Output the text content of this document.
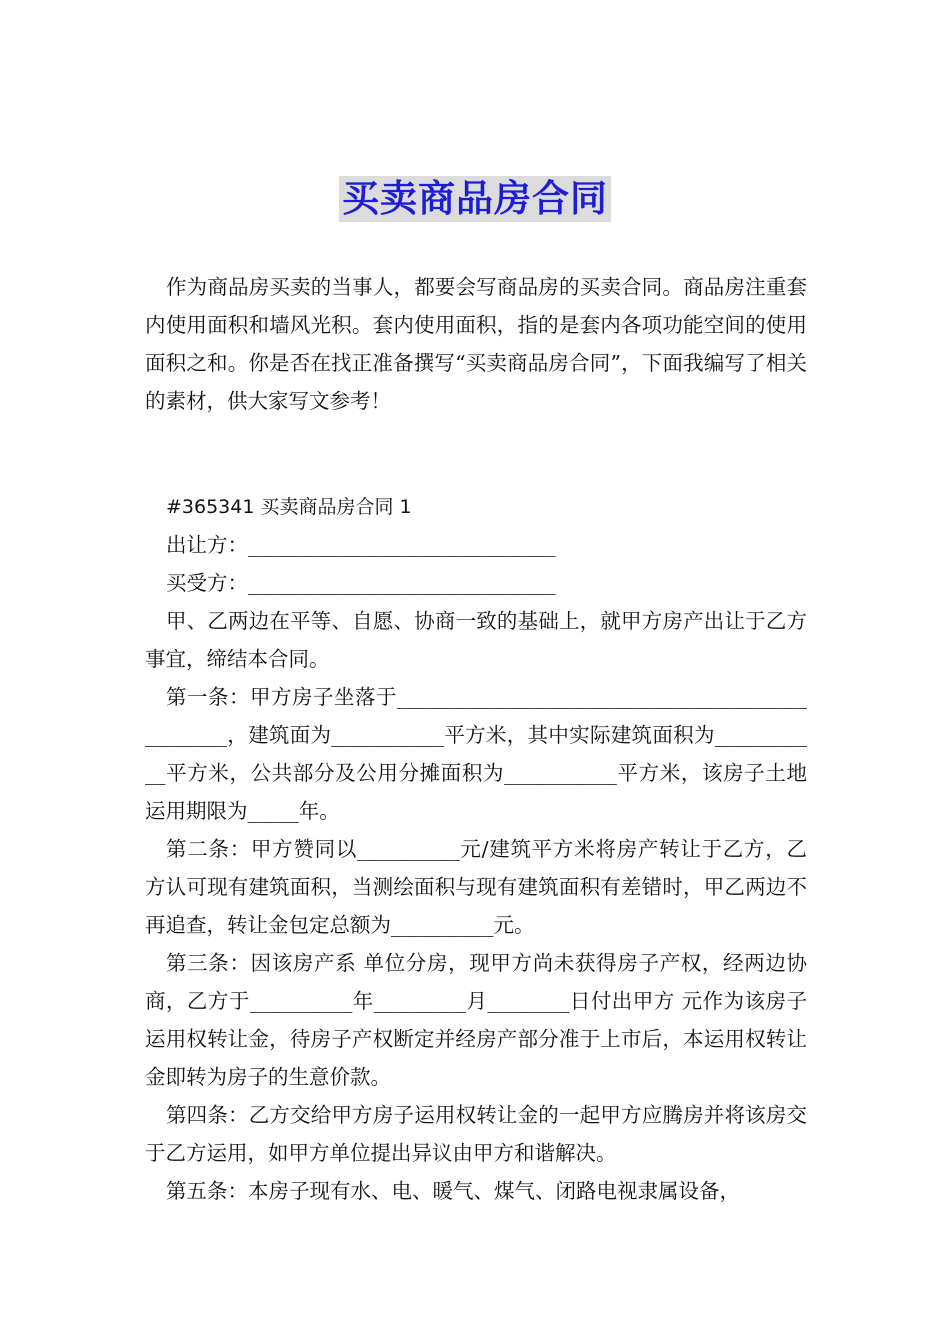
买卖商品房合同

作为商品房买卖的当事人，都要会写商品房的买卖合同。商品房注重套内使用面积和墙风光积。套内使用面积，指的是套内各项功能空间的使用面积之和。你是否在找正准备撰写“买卖商品房合同”，下面我编写了相关的素材，供大家写文参考！

#365341 买卖商品房合同 1

出让方：______________________________

买受方：______________________________

甲、乙两边在平等、自愿、协商一致的基础上，就甲方房产出让于乙方事宜，缔结本合同。

第一条：甲方房子坐落于________________________________________________，建筑面为___________平方米，其中实际建筑面积为___________平方米，公共部分及公用分摊面积为___________平方米，该房子土地运用期限为_____年。

第二条：甲方赞同以__________元/建筑平方米将房产转让于乙方，乙方认可现有建筑面积，当测绘面积与现有建筑面积有差错时，甲乙两边不再追查，转让金包定总额为__________元。

第三条：因该房产系 单位分房，现甲方尚未获得房子产权，经两边协商，乙方于__________年_________月________日付出甲方 元作为该房子运用权转让金，待房子产权断定并经房产部分准于上市后，本运用权转让金即转为房子的生意价款。

第四条：乙方交给甲方房子运用权转让金的一起甲方应腾房并将该房交于乙方运用，如甲方单位提出异议由甲方和谐解决。

第五条：本房子现有水、电、暖气、煤气、闭路电视隶属设备，
